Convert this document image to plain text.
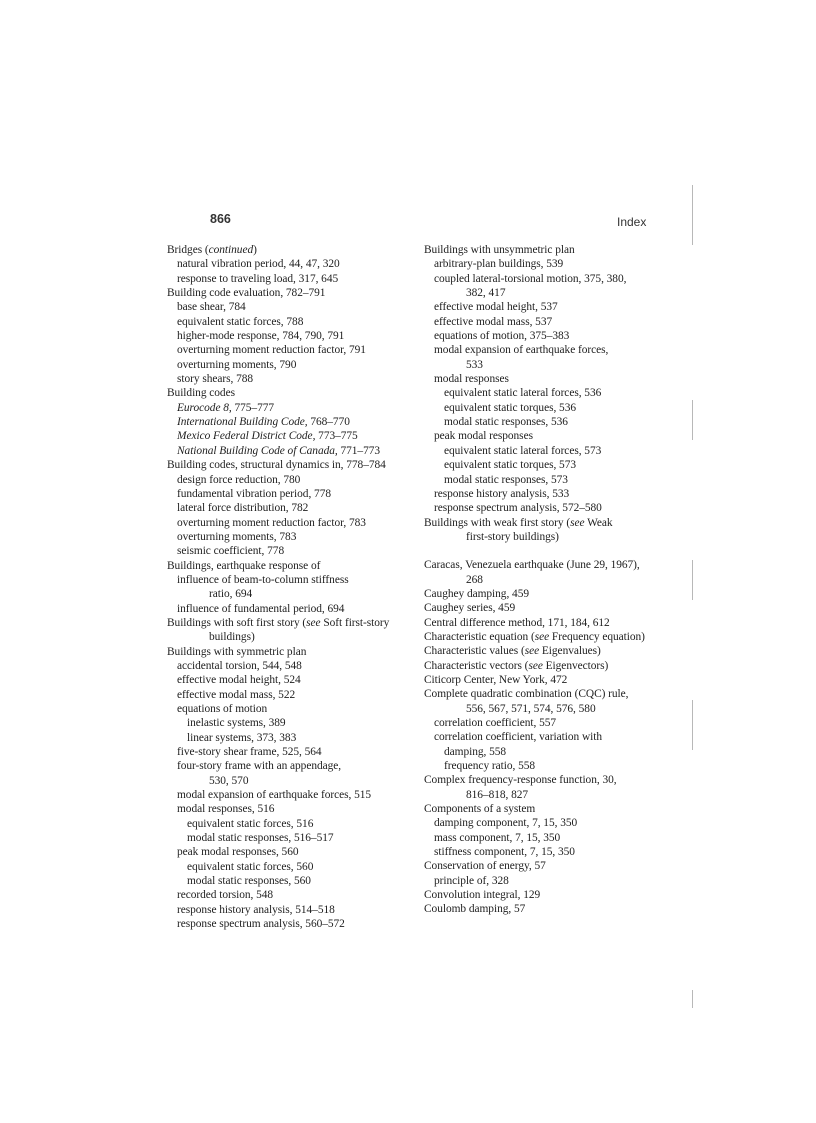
866	Index
Bridges (continued)
natural vibration period, 44, 47, 320
response to traveling load, 317, 645
Building code evaluation, 782–791
base shear, 784
equivalent static forces, 788
higher-mode response, 784, 790, 791
overturning moment reduction factor, 791
overturning moments, 790
story shears, 788
Building codes
Eurocode 8, 775–777
International Building Code, 768–770
Mexico Federal District Code, 773–775
National Building Code of Canada, 771–773
Building codes, structural dynamics in, 778–784
design force reduction, 780
fundamental vibration period, 778
lateral force distribution, 782
overturning moment reduction factor, 783
overturning moments, 783
seismic coefficient, 778
Buildings, earthquake response of
influence of beam-to-column stiffness
ratio, 694
influence of fundamental period, 694
Buildings with soft first story (see Soft first-story
buildings)
Buildings with symmetric plan
accidental torsion, 544, 548
effective modal height, 524
effective modal mass, 522
equations of motion
inelastic systems, 389
linear systems, 373, 383
five-story shear frame, 525, 564
four-story frame with an appendage,
530, 570
modal expansion of earthquake forces, 515
modal responses, 516
equivalent static forces, 516
modal static responses, 516–517
peak modal responses, 560
equivalent static forces, 560
modal static responses, 560
recorded torsion, 548
response history analysis, 514–518
response spectrum analysis, 560–572
Buildings with unsymmetric plan
arbitrary-plan buildings, 539
coupled lateral-torsional motion, 375, 380,
382, 417
effective modal height, 537
effective modal mass, 537
equations of motion, 375–383
modal expansion of earthquake forces,
533
modal responses
equivalent static lateral forces, 536
equivalent static torques, 536
modal static responses, 536
peak modal responses
equivalent static lateral forces, 573
equivalent static torques, 573
modal static responses, 573
response history analysis, 533
response spectrum analysis, 572–580
Buildings with weak first story (see Weak
first-story buildings)
Caracas, Venezuela earthquake (June 29, 1967),
268
Caughey damping, 459
Caughey series, 459
Central difference method, 171, 184, 612
Characteristic equation (see Frequency equation)
Characteristic values (see Eigenvalues)
Characteristic vectors (see Eigenvectors)
Citicorp Center, New York, 472
Complete quadratic combination (CQC) rule,
556, 567, 571, 574, 576, 580
correlation coefficient, 557
correlation coefficient, variation with
damping, 558
frequency ratio, 558
Complex frequency-response function, 30,
816–818, 827
Components of a system
damping component, 7, 15, 350
mass component, 7, 15, 350
stiffness component, 7, 15, 350
Conservation of energy, 57
principle of, 328
Convolution integral, 129
Coulomb damping, 57
